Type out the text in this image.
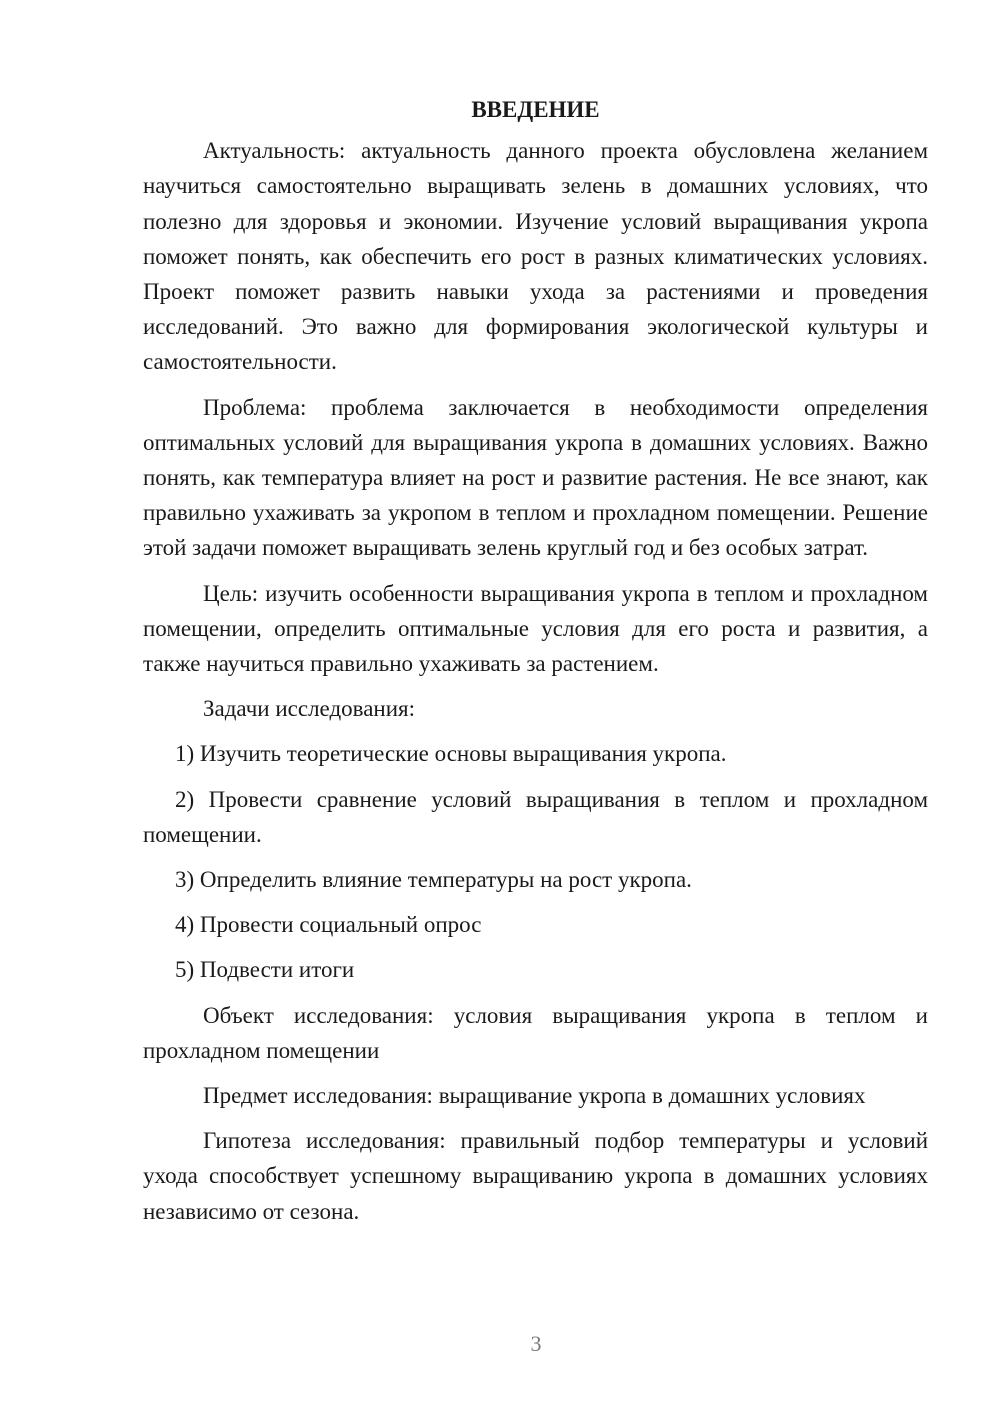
ВВЕДЕНИЕ

Актуальность: актуальность данного проекта обусловлена желанием научиться самостоятельно выращивать зелень в домашних условиях, что полезно для здоровья и экономии. Изучение условий выращивания укропа поможет понять, как обеспечить его рост в разных климатических условиях. Проект поможет развить навыки ухода за растениями и проведения исследований. Это важно для формирования экологической культуры и самостоятельности.

Проблема: проблема заключается в необходимости определения оптимальных условий для выращивания укропа в домашних условиях. Важно понять, как температура влияет на рост и развитие растения. Не все знают, как правильно ухаживать за укропом в теплом и прохладном помещении. Решение этой задачи поможет выращивать зелень круглый год и без особых затрат.

Цель: изучить особенности выращивания укропа в теплом и прохладном помещении, определить оптимальные условия для его роста и развития, а также научиться правильно ухаживать за растением.

Задачи исследования:

1) Изучить теоретические основы выращивания укропа.

2) Провести сравнение условий выращивания в теплом и прохладном помещении.

3) Определить влияние температуры на рост укропа.

4) Провести социальный опрос

5) Подвести итоги

Объект исследования: условия выращивания укропа в теплом и прохладном помещении

Предмет исследования: выращивание укропа в домашних условиях

Гипотеза исследования: правильный подбор температуры и условий ухода способствует успешному выращиванию укропа в домашних условиях независимо от сезона.

3
